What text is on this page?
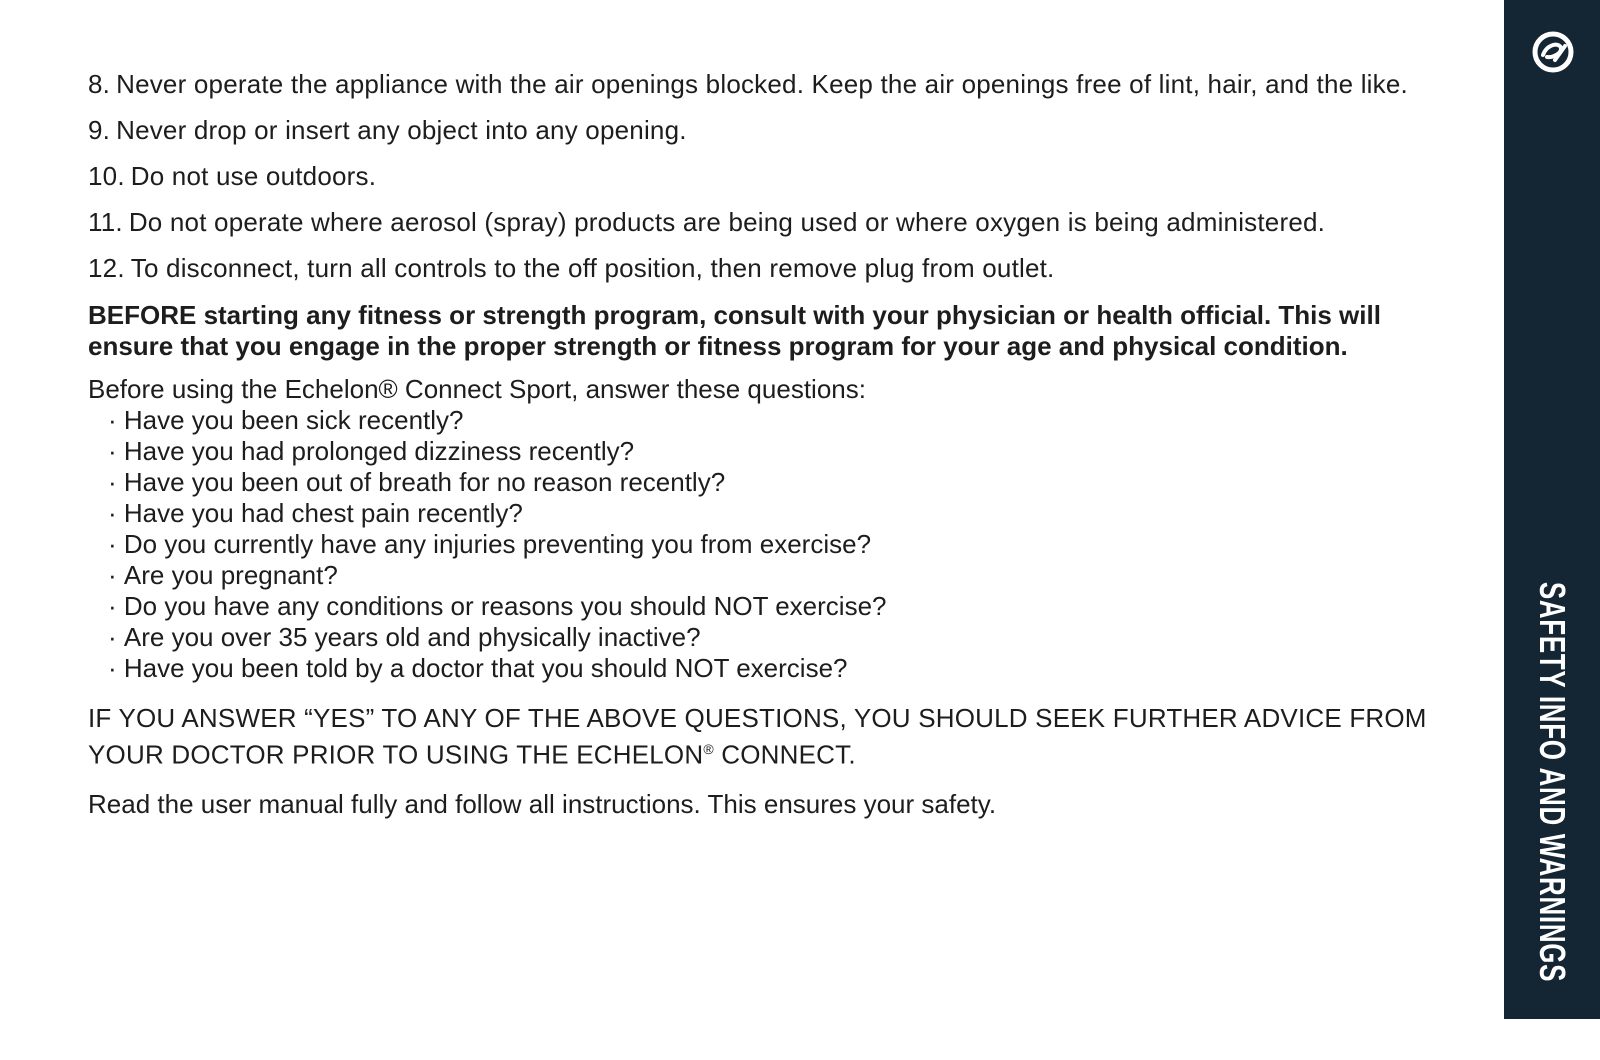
8. Never operate the appliance with the air openings blocked. Keep the air openings free of lint, hair, and the like.
9. Never drop or insert any object into any opening.
10. Do not use outdoors.
11. Do not operate where aerosol (spray) products are being used or where oxygen is being administered.
12. To disconnect, turn all controls to the off position, then remove plug from outlet.
BEFORE starting any fitness or strength program, consult with your physician or health official. This will ensure that you engage in the proper strength or fitness program for your age and physical condition.
Before using the Echelon® Connect Sport, answer these questions:
· Have you been sick recently?
· Have you had prolonged dizziness recently?
· Have you been out of breath for no reason recently?
· Have you had chest pain recently?
· Do you currently have any injuries preventing you from exercise?
· Are you pregnant?
· Do you have any conditions or reasons you should NOT exercise?
· Are you over 35 years old and physically inactive?
· Have you been told by a doctor that you should NOT exercise?
IF YOU ANSWER “YES” TO ANY OF THE ABOVE QUESTIONS, YOU SHOULD SEEK FURTHER ADVICE FROM YOUR DOCTOR PRIOR TO USING THE ECHELON® CONNECT.
Read the user manual fully and follow all instructions. This ensures your safety.	SAFETY INFO AND WARNINGS
